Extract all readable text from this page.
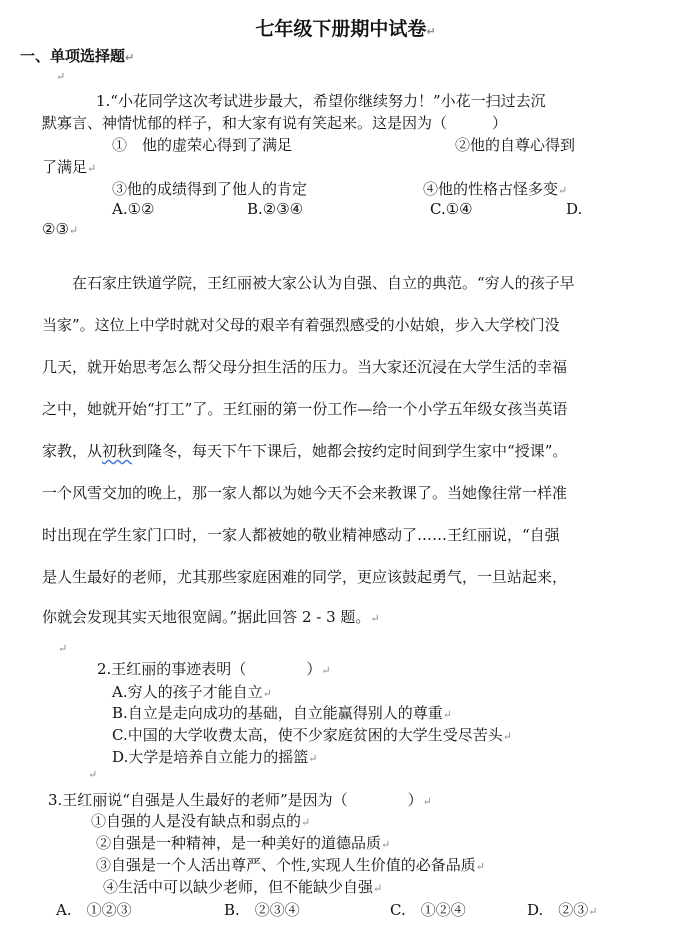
七年级下册期中试卷↵
一、单项选择题↵
↵
1.“小花同学这次考试进步最大，希望你继续努力！”小花一扫过去沉
默寡言、神情忧郁的样子，和大家有说有笑起来。这是因为（　　　）
①　他的虚荣心得到了满足	②他的自尊心得到
了满足↵
③他的成绩得到了他人的肯定	④他的性格古怪多变↵
A.①②	B.②③④	C.①④	D.
②③↵
在石家庄铁道学院，王红丽被大家公认为自强、自立的典范。“穷人的孩子早
当家”。这位上中学时就对父母的艰辛有着强烈感受的小姑娘，步入大学校门没
几天，就开始思考怎么帮父母分担生活的压力。当大家还沉浸在大学生活的幸福
之中，她就开始“打工”了。王红丽的第一份工作—给一个小学五年级女孩当英语
家教，从初秋到隆冬，每天下午下课后，她都会按约定时间到学生家中“授课”。
一个风雪交加的晚上，那一家人都以为她今天不会来教课了。当她像往常一样准
时出现在学生家门口时，一家人都被她的敬业精神感动了……王红丽说，“自强
是人生最好的老师，尤其那些家庭困难的同学，更应该鼓起勇气，一旦站起来，
你就会发现其实天地很宽阔。”据此回答 2 - 3 题。↵
↵
2.王红丽的事迹表明（　　　　）↵
A.穷人的孩子才能自立↵
B.自立是走向成功的基础，自立能赢得别人的尊重↵
C.中国的大学收费太高，使不少家庭贫困的大学生受尽苦头↵
D.大学是培养自立能力的摇篮↵
↵
3.王红丽说“自强是人生最好的老师”是因为（　　　　）↵
①自强的人是没有缺点和弱点的↵
②自强是一种精神，是一种美好的道德品质↵
③自强是一个人活出尊严、个性,实现人生价值的必备品质↵
④生活中可以缺少老师，但不能缺少自强↵
A.　①②③	B.　②③④	C.　①②④	D.　②③↵
